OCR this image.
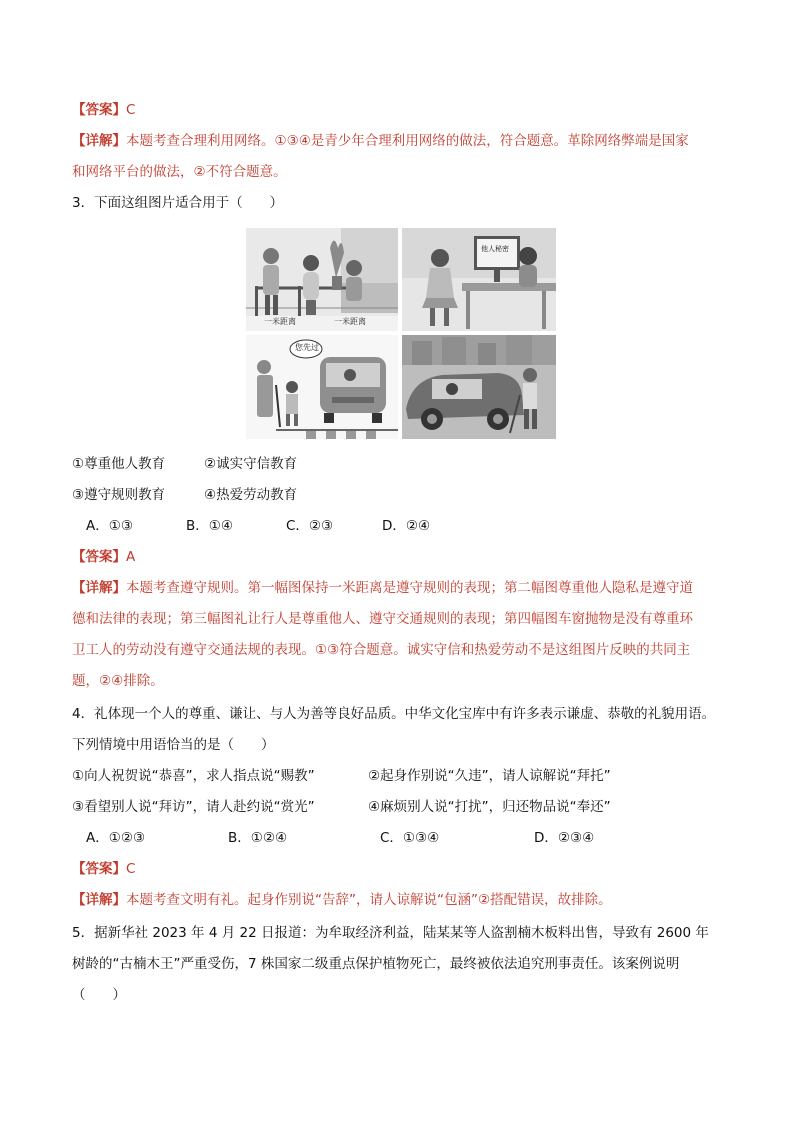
【答案】C
【详解】本题考查合理利用网络。①③④是青少年合理利用网络的做法，符合题意。革除网络弊端是国家
和网络平台的做法，②不符合题意。
3．下面这组图片适合用于（　　）
一米距离	一米距离
他人秘密
您先过
①尊重他人教育	②诚实守信教育
③遵守规则教育	④热爱劳动教育
A．①③	B．①④	C．②③	D．②④
【答案】A
【详解】本题考查遵守规则。第一幅图保持一米距离是遵守规则的表现；第二幅图尊重他人隐私是遵守道
德和法律的表现；第三幅图礼让行人是尊重他人、遵守交通规则的表现；第四幅图车窗抛物是没有尊重环
卫工人的劳动没有遵守交通法规的表现。①③符合题意。诚实守信和热爱劳动不是这组图片反映的共同主
题，②④排除。
4．礼体现一个人的尊重、谦让、与人为善等良好品质。中华文化宝库中有许多表示谦虚、恭敬的礼貌用语。
下列情境中用语恰当的是（　　）
①向人祝贺说“恭喜”，求人指点说“赐教”	②起身作别说“久违”，请人谅解说“拜托”
③看望别人说“拜访”，请人赴约说“赏光”	④麻烦别人说“打扰”，归还物品说“奉还”
A．①②③	B．①②④	C．①③④	D．②③④
【答案】C
【详解】本题考查文明有礼。起身作别说“告辞”，请人谅解说“包涵”②搭配错误，故排除。
5．据新华社 2023 年 4 月 22 日报道：为牟取经济利益，陆某某等人盗割楠木板料出售，导致有 2600 年
树龄的“古楠木王”严重受伤，7 株国家二级重点保护植物死亡，最终被依法追究刑事责任。该案例说明
（　　）
